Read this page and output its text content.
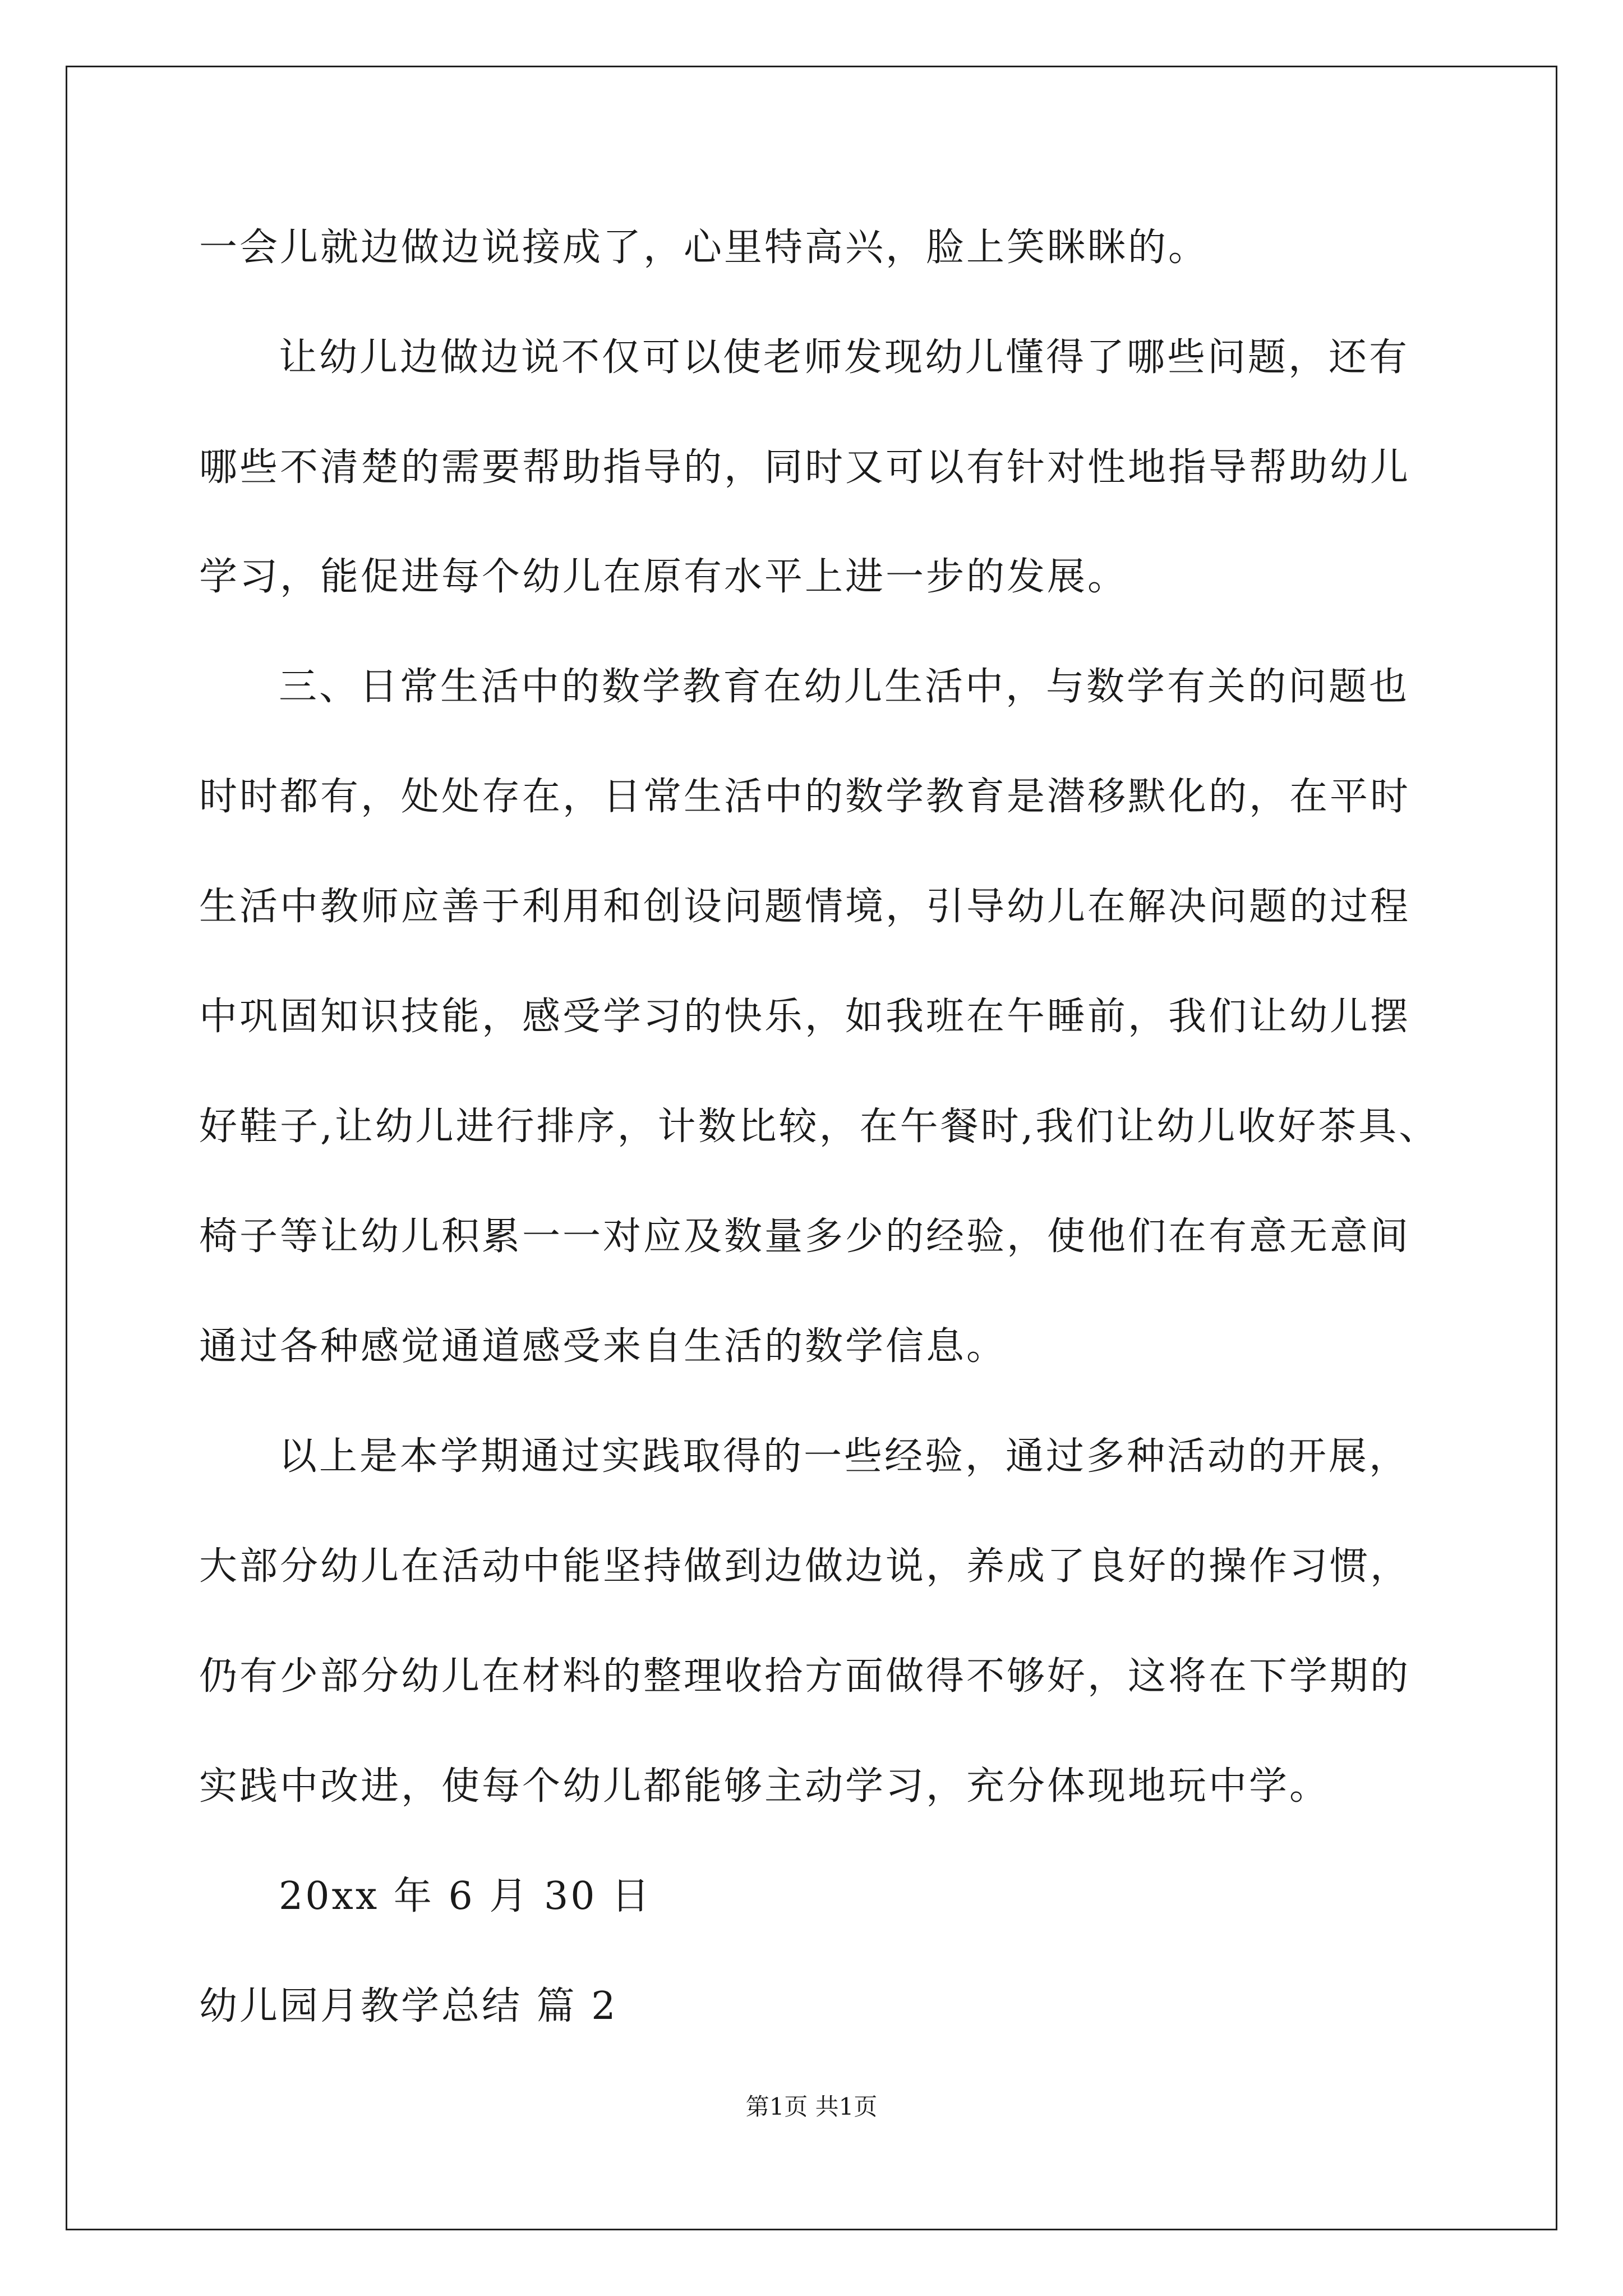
一会儿就边做边说接成了，心里特高兴，脸上笑眯眯的。
让幼儿边做边说不仅可以使老师发现幼儿懂得了哪些问题，还有
哪些不清楚的需要帮助指导的，同时又可以有针对性地指导帮助幼儿
学习，能促进每个幼儿在原有水平上进一步的发展。
三、日常生活中的数学教育在幼儿生活中，与数学有关的问题也
时时都有，处处存在，日常生活中的数学教育是潜移默化的，在平时
生活中教师应善于利用和创设问题情境，引导幼儿在解决问题的过程
中巩固知识技能，感受学习的快乐，如我班在午睡前，我们让幼儿摆
好鞋子,让幼儿进行排序，计数比较，在午餐时,我们让幼儿收好茶具、
椅子等让幼儿积累一一对应及数量多少的经验，使他们在有意无意间
通过各种感觉通道感受来自生活的数学信息。
以上是本学期通过实践取得的一些经验，通过多种活动的开展，
大部分幼儿在活动中能坚持做到边做边说，养成了良好的操作习惯，
仍有少部分幼儿在材料的整理收拾方面做得不够好，这将在下学期的
实践中改进，使每个幼儿都能够主动学习，充分体现地玩中学。
20xx 年 6 月 30 日
幼儿园月教学总结 篇 2
第1页 共1页
